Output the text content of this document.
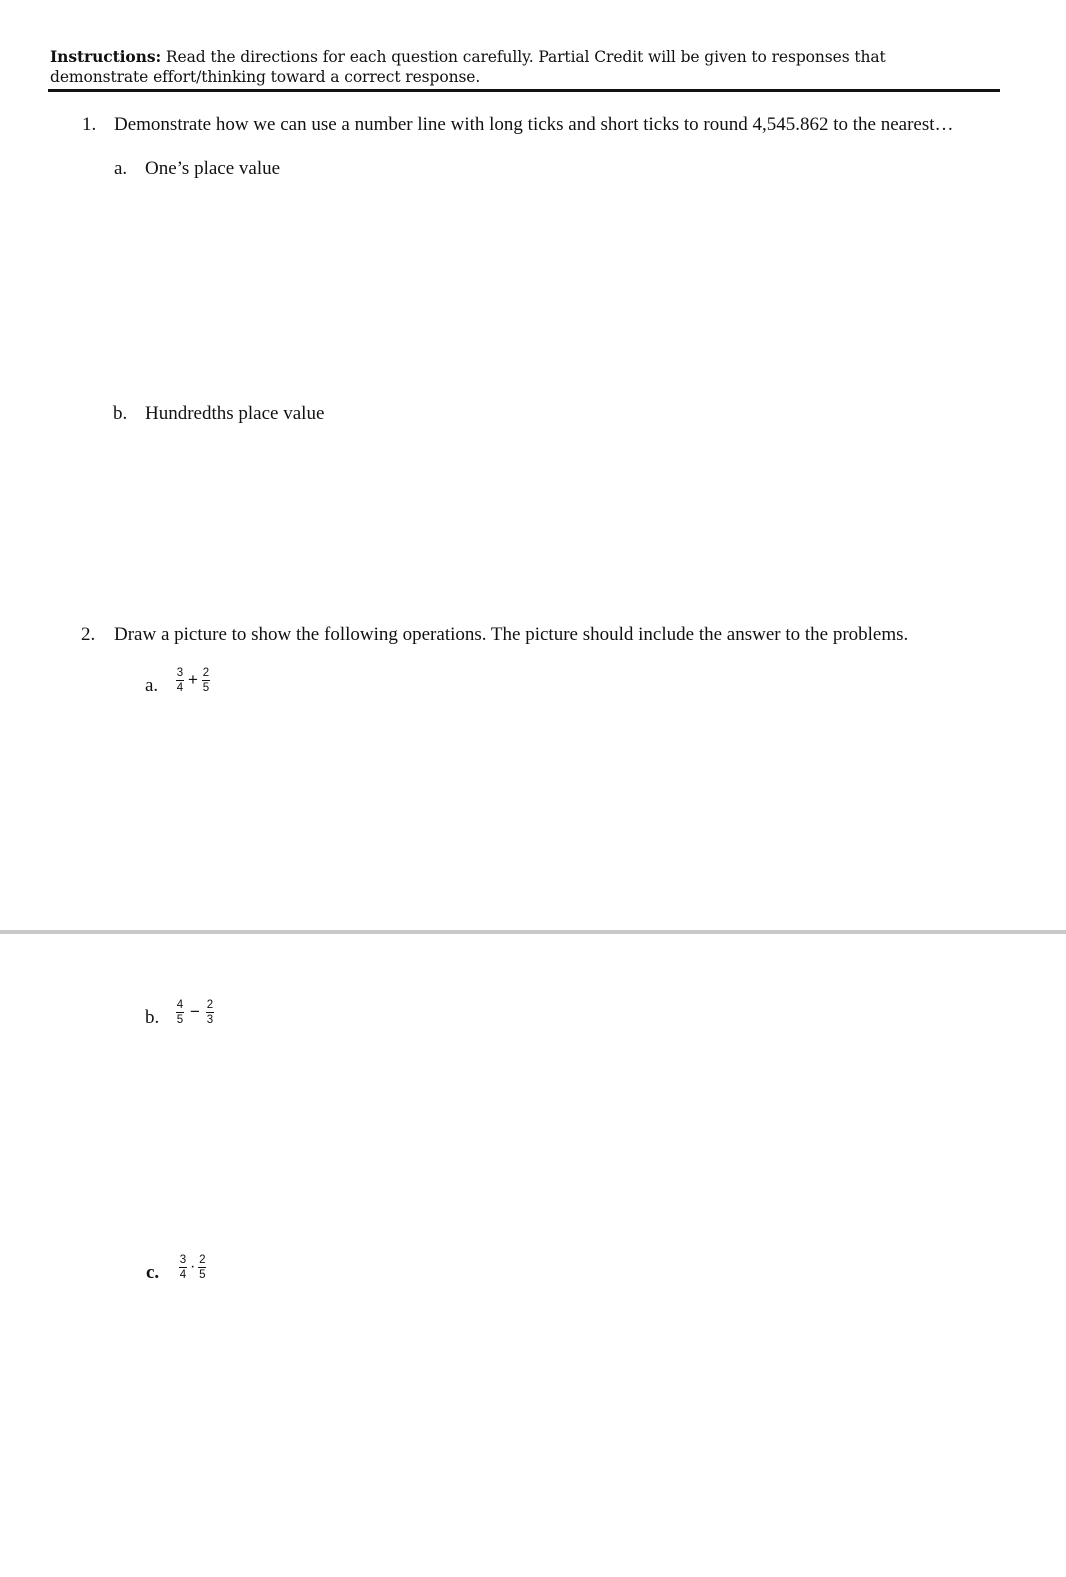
Instructions: Read the directions for each question carefully. Partial Credit will be given to responses that demonstrate effort/thinking toward a correct response.
1. Demonstrate how we can use a number line with long ticks and short ticks to round 4,545.862 to the nearest…
a. One’s place value
b. Hundredths place value
2. Draw a picture to show the following operations. The picture should include the answer to the problems.
a. $\frac{3}{4} + \frac{2}{5}$
b. $\frac{4}{5} - \frac{2}{3}$
c. $\frac{3}{4} \cdot \frac{2}{5}$
